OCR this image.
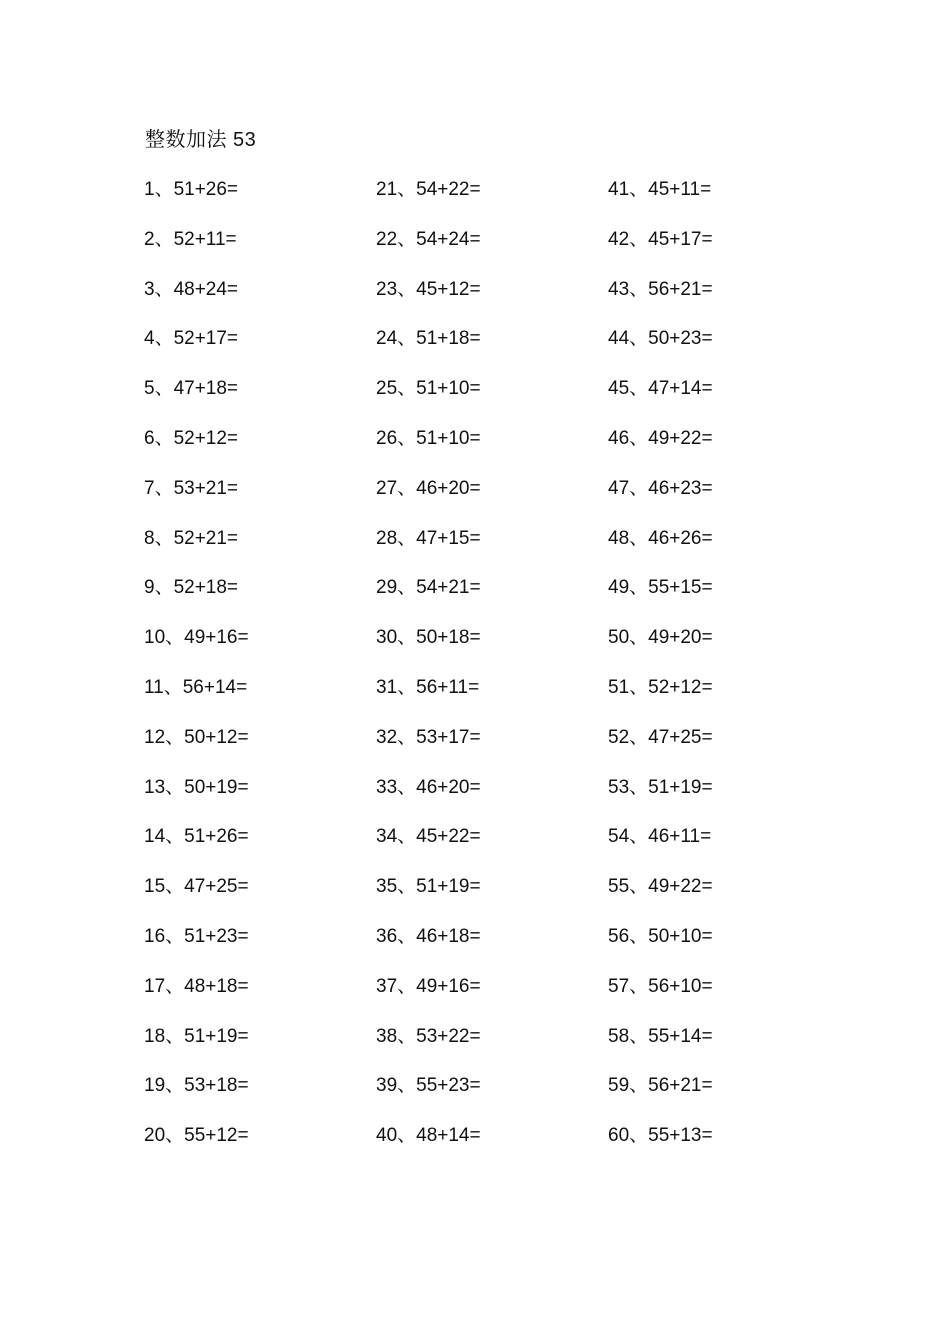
整数加法 53
1、51+26=
2、52+11=
3、48+24=
4、52+17=
5、47+18=
6、52+12=
7、53+21=
8、52+21=
9、52+18=
10、49+16=
11、56+14=
12、50+12=
13、50+19=
14、51+26=
15、47+25=
16、51+23=
17、48+18=
18、51+19=
19、53+18=
20、55+12=
21、54+22=
22、54+24=
23、45+12=
24、51+18=
25、51+10=
26、51+10=
27、46+20=
28、47+15=
29、54+21=
30、50+18=
31、56+11=
32、53+17=
33、46+20=
34、45+22=
35、51+19=
36、46+18=
37、49+16=
38、53+22=
39、55+23=
40、48+14=
41、45+11=
42、45+17=
43、56+21=
44、50+23=
45、47+14=
46、49+22=
47、46+23=
48、46+26=
49、55+15=
50、49+20=
51、52+12=
52、47+25=
53、51+19=
54、46+11=
55、49+22=
56、50+10=
57、56+10=
58、55+14=
59、56+21=
60、55+13=
